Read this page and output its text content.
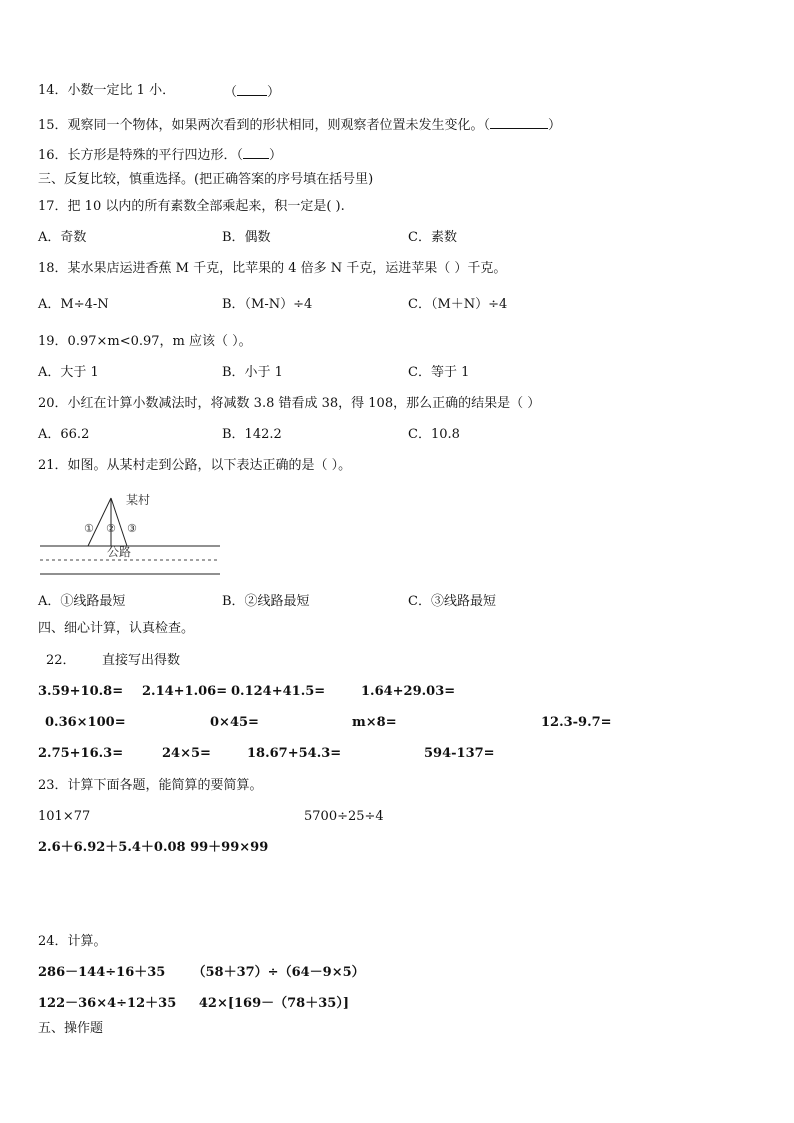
14．小数一定比 1 小．	（ ）
15．观察同一个物体，如果两次看到的形状相同，则观察者位置未发生变化。（	）
16．长方形是特殊的平行四边形．（ ）
三、反复比较，慎重选择。(把正确答案的序号填在括号里)
17．把 10 以内的所有素数全部乘起来，积一定是( ).
A．奇数	B．偶数	C．素数
18．某水果店运进香蕉 M 千克，比苹果的 4 倍多 N 千克，运进苹果（ ）千克。
A．M÷4-N	B．（M-N）÷4	C．（M＋N）÷4
19．0.97×m<0.97，m 应该（ ）。
A．大于 1	B．小于 1	C．等于 1
20．小红在计算小数减法时，将减数 3.8 错看成 38，得 108，那么正确的结果是（ ）
A．66.2	B．142.2	C．10.8
21．如图。从某村走到公路，以下表达正确的是（ ）。
某村
公路
① ② ③
A．①线路最短	B．②线路最短	C．③线路最短
四、细心计算，认真检查。
22． 直接写出得数
3.59+10.8= 2.14+1.06= 0.124+41.5=	1.64+29.03=
0.36×100=	0×45=	m×8=	12.3-9.7=
2.75+16.3=	24×5=	18.67+54.3=	594-137=
23．计算下面各题，能简算的要简算。
101×77	5700÷25÷4
2.6＋6.92＋5.4＋0.08 99＋99×99
24．计算。
286－144÷16＋35      （58＋37）÷（64－9×5）
122－36×4÷12＋35     42×[169－（78＋35）]
五、操作题
